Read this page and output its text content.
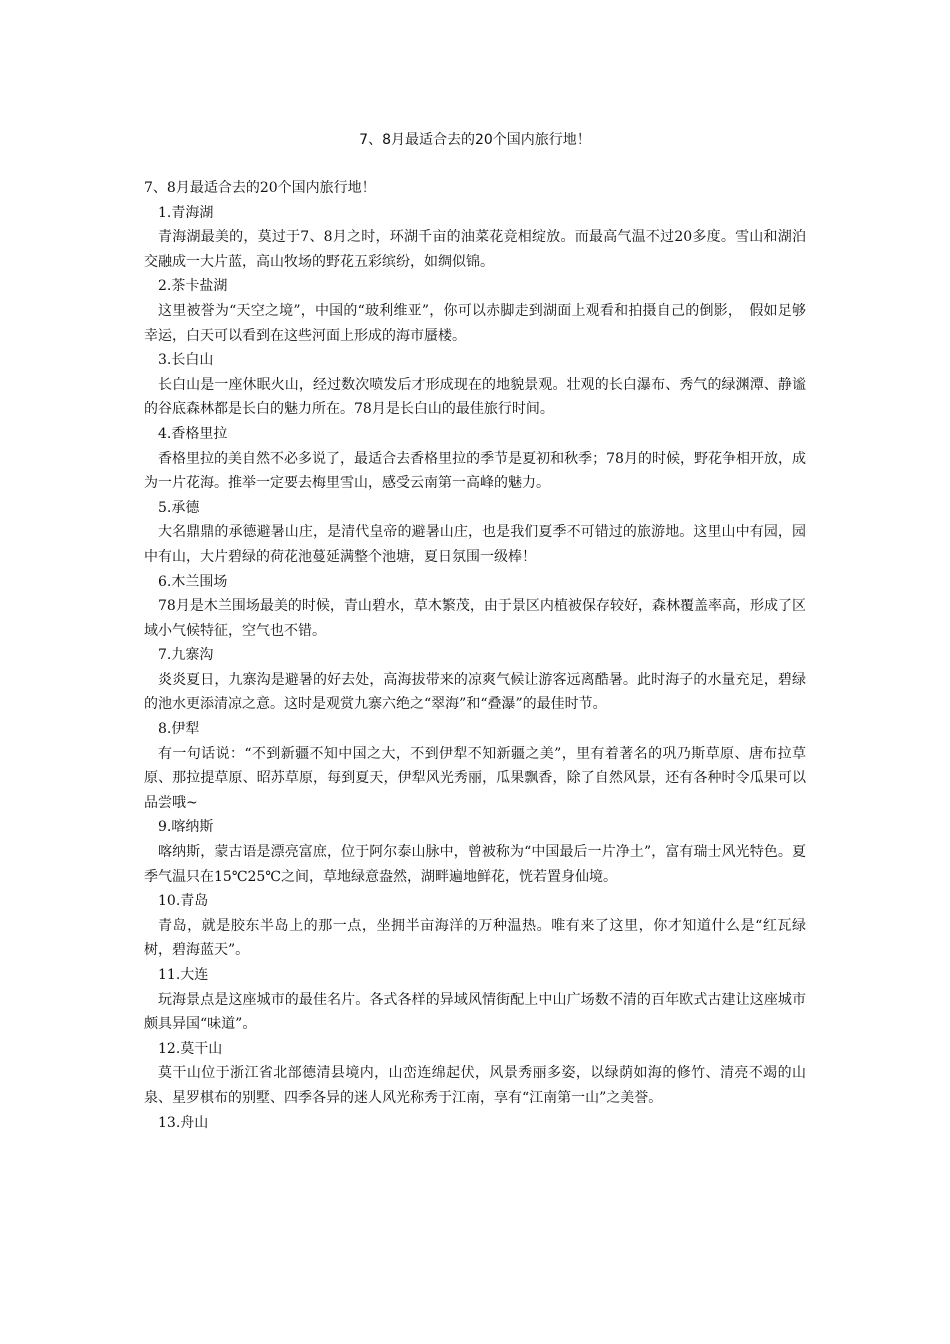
7、8月最适合去的20个国内旅行地！

7、8月最适合去的20个国内旅行地！

1.青海湖

青海湖最美的，莫过于7、8月之时，环湖千亩的油菜花竞相绽放。而最高气温不过20多度。雪山和湖泊交融成一大片蓝，高山牧场的野花五彩缤纷，如绸似锦。

2.茶卡盐湖

这里被誉为“天空之境”，中国的“玻利维亚”，你可以赤脚走到湖面上观看和拍摄自己的倒影，　假如足够幸运，白天可以看到在这些河面上形成的海市蜃楼。

3.长白山

长白山是一座休眠火山，经过数次喷发后才形成现在的地貌景观。壮观的长白瀑布、秀气的绿渊潭、静谧的谷底森林都是长白的魅力所在。78月是长白山的最佳旅行时间。

4.香格里拉

香格里拉的美自然不必多说了，最适合去香格里拉的季节是夏初和秋季；78月的时候，野花争相开放，成为一片花海。推举一定要去梅里雪山，感受云南第一高峰的魅力。

5.承德

大名鼎鼎的承德避暑山庄，是清代皇帝的避暑山庄，也是我们夏季不可错过的旅游地。这里山中有园，园中有山，大片碧绿的荷花池蔓延满整个池塘，夏日氛围一级棒！

6.木兰围场

78月是木兰围场最美的时候，青山碧水，草木繁茂，由于景区内植被保存较好，森林覆盖率高，形成了区域小气候特征，空气也不错。

7.九寨沟

炎炎夏日，九寨沟是避暑的好去处，高海拔带来的凉爽气候让游客远离酷暑。此时海子的水量充足，碧绿的池水更添清凉之意。这时是观赏九寨六绝之“翠海”和“叠瀑”的最佳时节。

8.伊犁

有一句话说：“不到新疆不知中国之大，不到伊犁不知新疆之美”，里有着著名的巩乃斯草原、唐布拉草原、那拉提草原、昭苏草原，每到夏天，伊犁风光秀丽，瓜果飘香，除了自然风景，还有各种时令瓜果可以品尝哦~

9.喀纳斯

喀纳斯，蒙古语是漂亮富庶，位于阿尔泰山脉中，曾被称为“中国最后一片净土”，富有瑞士风光特色。夏季气温只在15℃25℃之间，草地绿意盎然，湖畔遍地鲜花，恍若置身仙境。

10.青岛

青岛，就是胶东半岛上的那一点，坐拥半亩海洋的万种温热。唯有来了这里，你才知道什么是“红瓦绿树，碧海蓝天”。

11.大连

玩海景点是这座城市的最佳名片。各式各样的异域风情街配上中山广场数不清的百年欧式古建让这座城市颇具异国“味道”。

12.莫干山

莫干山位于浙江省北部德清县境内，山峦连绵起伏，风景秀丽多姿，以绿荫如海的修竹、清亮不竭的山泉、星罗棋布的别墅、四季各异的迷人风光称秀于江南，享有“江南第一山”之美誉。

13.舟山
